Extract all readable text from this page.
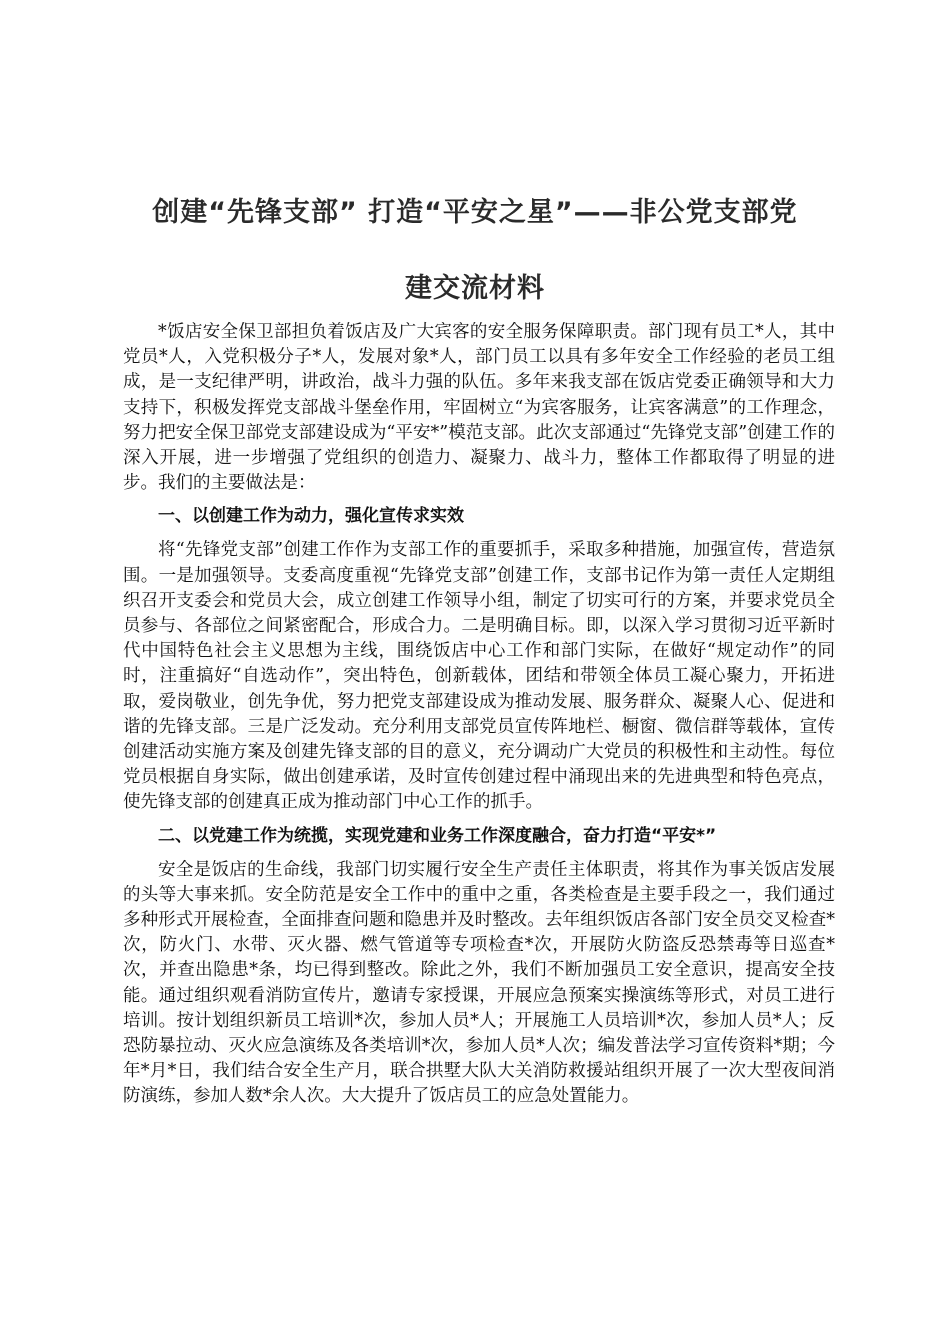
创建“先锋支部” 打造“平安之星”——非公党支部党
建交流材料

*饭店安全保卫部担负着饭店及广大宾客的安全服务保障职责。部门现有员工*人，其中党员*人，入党积极分子*人，发展对象*人，部门员工以具有多年安全工作经验的老员工组成，是一支纪律严明，讲政治，战斗力强的队伍。多年来我支部在饭店党委正确领导和大力支持下，积极发挥党支部战斗堡垒作用，牢固树立“为宾客服务，让宾客满意”的工作理念，努力把安全保卫部党支部建设成为“平安*”模范支部。此次支部通过“先锋党支部”创建工作的深入开展，进一步增强了党组织的创造力、凝聚力、战斗力，整体工作都取得了明显的进步。我们的主要做法是：

一、以创建工作为动力，强化宣传求实效

将“先锋党支部”创建工作作为支部工作的重要抓手，采取多种措施，加强宣传，营造氛围。一是加强领导。支委高度重视“先锋党支部”创建工作，支部书记作为第一责任人定期组织召开支委会和党员大会，成立创建工作领导小组，制定了切实可行的方案，并要求党员全员参与、各部位之间紧密配合，形成合力。二是明确目标。即，以深入学习贯彻习近平新时代中国特色社会主义思想为主线，围绕饭店中心工作和部门实际，在做好“规定动作”的同时，注重搞好“自选动作”，突出特色，创新载体，团结和带领全体员工凝心聚力，开拓进取，爱岗敬业，创先争优，努力把党支部建设成为推动发展、服务群众、凝聚人心、促进和谐的先锋支部。三是广泛发动。充分利用支部党员宣传阵地栏、橱窗、微信群等载体，宣传创建活动实施方案及创建先锋支部的目的意义，充分调动广大党员的积极性和主动性。每位党员根据自身实际，做出创建承诺，及时宣传创建过程中涌现出来的先进典型和特色亮点，使先锋支部的创建真正成为推动部门中心工作的抓手。

二、以党建工作为统揽，实现党建和业务工作深度融合，奋力打造“平安*”

安全是饭店的生命线，我部门切实履行安全生产责任主体职责，将其作为事关饭店发展的头等大事来抓。安全防范是安全工作中的重中之重，各类检查是主要手段之一，我们通过多种形式开展检查，全面排查问题和隐患并及时整改。去年组织饭店各部门安全员交叉检查*次，防火门、水带、灭火器、燃气管道等专项检查*次，开展防火防盗反恐禁毒等日巡查*次，并查出隐患*条，均已得到整改。除此之外，我们不断加强员工安全意识，提高安全技能。通过组织观看消防宣传片，邀请专家授课，开展应急预案实操演练等形式，对员工进行培训。按计划组织新员工培训*次，参加人员*人；开展施工人员培训*次，参加人员*人；反恐防暴拉动、灭火应急演练及各类培训*次，参加人员*人次；编发普法学习宣传资料*期；今年*月*日，我们结合安全生产月，联合拱墅大队大关消防救援站组织开展了一次大型夜间消防演练，参加人数*余人次。大大提升了饭店员工的应急处置能力。
